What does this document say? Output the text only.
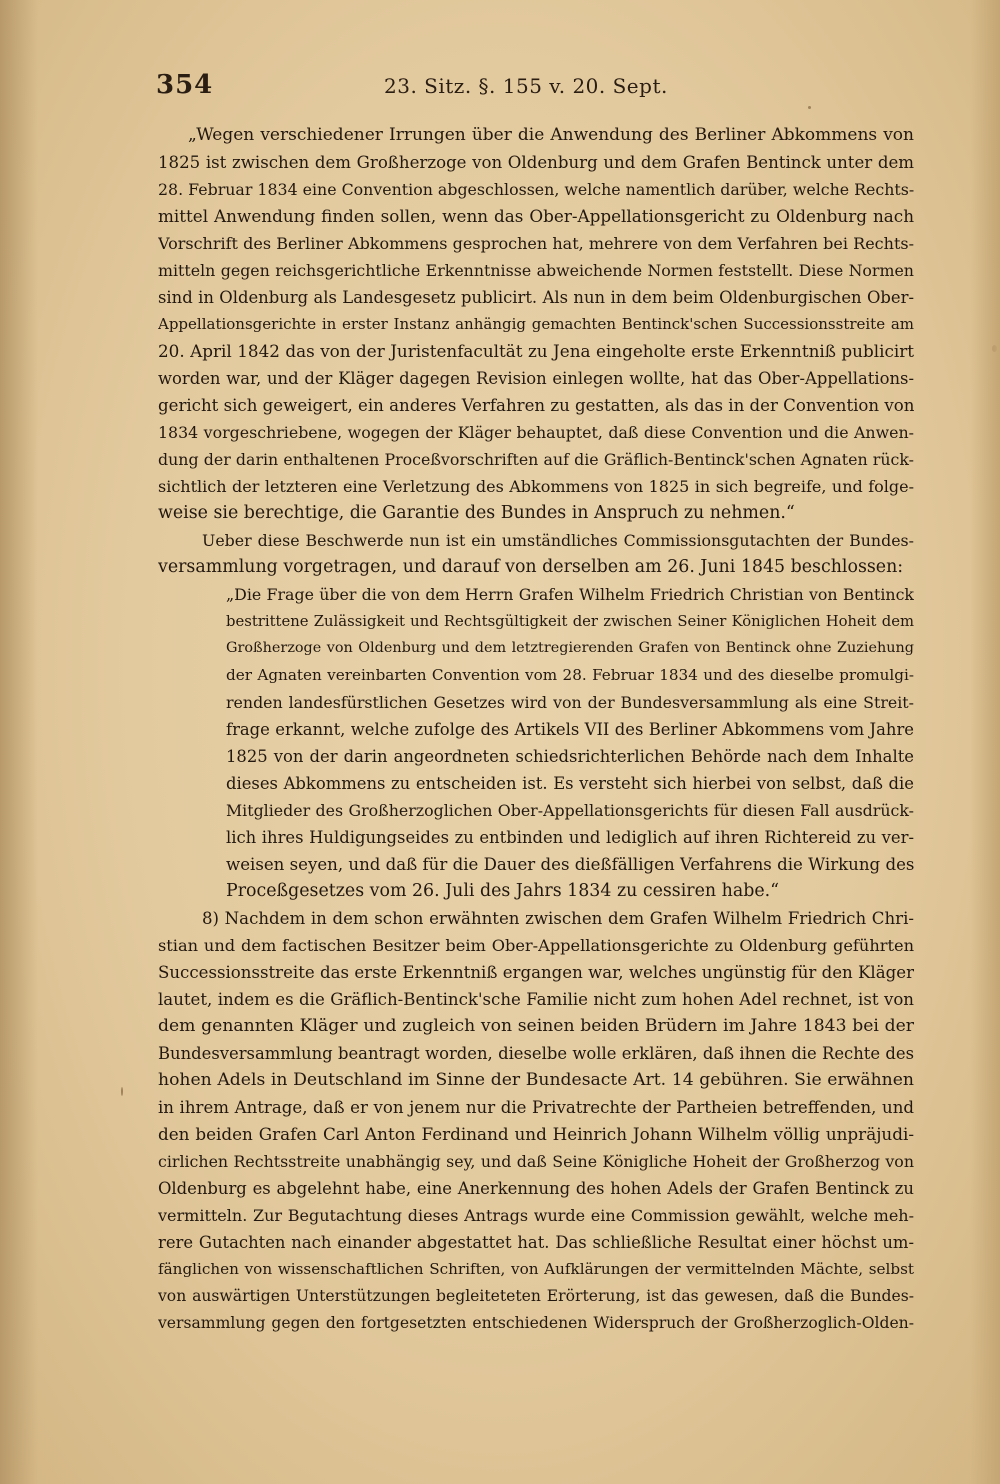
354	23. Sitz. §. 155 v. 20. Sept.
„Wegen verschiedener Irrungen über die Anwendung des Berliner Abkommens von
1825 ist zwischen dem Großherzoge von Oldenburg und dem Grafen Bentinck unter dem
28. Februar 1834 eine Convention abgeschlossen, welche namentlich darüber, welche Rechts-
mittel Anwendung finden sollen, wenn das Ober-Appellationsgericht zu Oldenburg nach
Vorschrift des Berliner Abkommens gesprochen hat, mehrere von dem Verfahren bei Rechts-
mitteln gegen reichsgerichtliche Erkenntnisse abweichende Normen feststellt. Diese Normen
sind in Oldenburg als Landesgesetz publicirt. Als nun in dem beim Oldenburgischen Ober-
Appellationsgerichte in erster Instanz anhängig gemachten Bentinck'schen Successionsstreite am
20. April 1842 das von der Juristenfacultät zu Jena eingeholte erste Erkenntniß publicirt
worden war, und der Kläger dagegen Revision einlegen wollte, hat das Ober-Appellations-
gericht sich geweigert, ein anderes Verfahren zu gestatten, als das in der Convention von
1834 vorgeschriebene, wogegen der Kläger behauptet, daß diese Convention und die Anwen-
dung der darin enthaltenen Proceßvorschriften auf die Gräflich-Bentinck'schen Agnaten rück-
sichtlich der letzteren eine Verletzung des Abkommens von 1825 in sich begreife, und folge-
weise sie berechtige, die Garantie des Bundes in Anspruch zu nehmen.“
Ueber diese Beschwerde nun ist ein umständliches Commissionsgutachten der Bundes-
versammlung vorgetragen, und darauf von derselben am 26. Juni 1845 beschlossen:
„Die Frage über die von dem Herrn Grafen Wilhelm Friedrich Christian von Bentinck
bestrittene Zulässigkeit und Rechtsgültigkeit der zwischen Seiner Königlichen Hoheit dem
Großherzoge von Oldenburg und dem letztregierenden Grafen von Bentinck ohne Zuziehung
der Agnaten vereinbarten Convention vom 28. Februar 1834 und des dieselbe promulgi-
renden landesfürstlichen Gesetzes wird von der Bundesversammlung als eine Streit-
frage erkannt, welche zufolge des Artikels VII des Berliner Abkommens vom Jahre
1825 von der darin angeordneten schiedsrichterlichen Behörde nach dem Inhalte
dieses Abkommens zu entscheiden ist. Es versteht sich hierbei von selbst, daß die
Mitglieder des Großherzoglichen Ober-Appellationsgerichts für diesen Fall ausdrück-
lich ihres Huldigungseides zu entbinden und lediglich auf ihren Richtereid zu ver-
weisen seyen, und daß für die Dauer des dießfälligen Verfahrens die Wirkung des
Proceßgesetzes vom 26. Juli des Jahrs 1834 zu cessiren habe.“
8) Nachdem in dem schon erwähnten zwischen dem Grafen Wilhelm Friedrich Chri-
stian und dem factischen Besitzer beim Ober-Appellationsgerichte zu Oldenburg geführten
Successionsstreite das erste Erkenntniß ergangen war, welches ungünstig für den Kläger
lautet, indem es die Gräflich-Bentinck'sche Familie nicht zum hohen Adel rechnet, ist von
dem genannten Kläger und zugleich von seinen beiden Brüdern im Jahre 1843 bei der
Bundesversammlung beantragt worden, dieselbe wolle erklären, daß ihnen die Rechte des
hohen Adels in Deutschland im Sinne der Bundesacte Art. 14 gebühren. Sie erwähnen
in ihrem Antrage, daß er von jenem nur die Privatrechte der Partheien betreffenden, und
den beiden Grafen Carl Anton Ferdinand und Heinrich Johann Wilhelm völlig unpräjudi-
cirlichen Rechtsstreite unabhängig sey, und daß Seine Königliche Hoheit der Großherzog von
Oldenburg es abgelehnt habe, eine Anerkennung des hohen Adels der Grafen Bentinck zu
vermitteln. Zur Begutachtung dieses Antrags wurde eine Commission gewählt, welche meh-
rere Gutachten nach einander abgestattet hat. Das schließliche Resultat einer höchst um-
fänglichen von wissenschaftlichen Schriften, von Aufklärungen der vermittelnden Mächte, selbst
von auswärtigen Unterstützungen begleiteteten Erörterung, ist das gewesen, daß die Bundes-
versammlung gegen den fortgesetzten entschiedenen Widerspruch der Großherzoglich-Olden-
